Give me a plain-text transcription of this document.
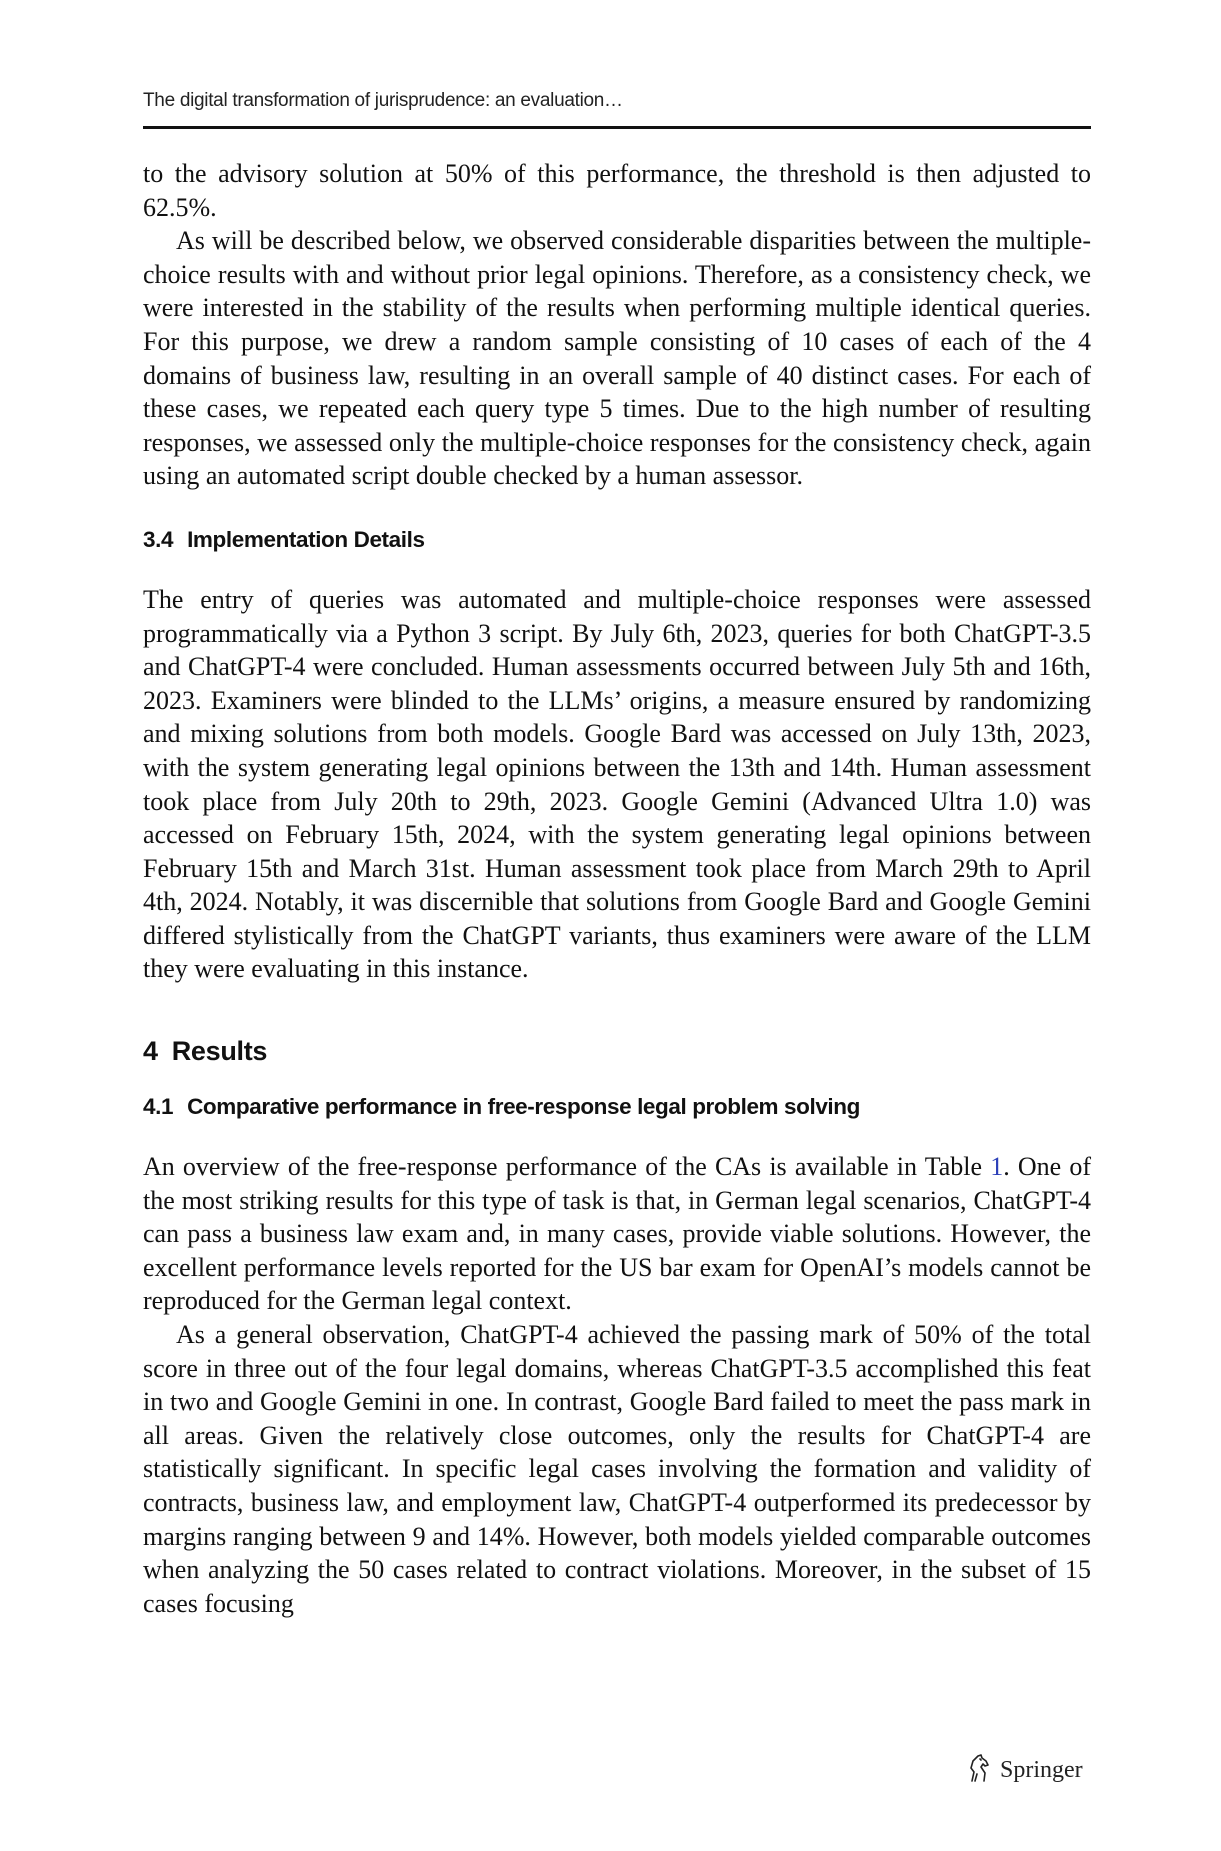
The digital transformation of jurisprudence: an evaluation…

to the advisory solution at 50% of this performance, the threshold is then adjusted to 62.5%.

As will be described below, we observed considerable disparities between the multiple-choice results with and without prior legal opinions. Therefore, as a consistency check, we were interested in the stability of the results when performing multiple identical queries. For this purpose, we drew a random sample consisting of 10 cases of each of the 4 domains of business law, resulting in an overall sample of 40 distinct cases. For each of these cases, we repeated each query type 5 times. Due to the high number of resulting responses, we assessed only the multiple-choice responses for the consistency check, again using an automated script double checked by a human assessor.

3.4 Implementation Details

The entry of queries was automated and multiple-choice responses were assessed programmatically via a Python 3 script. By July 6th, 2023, queries for both ChatGPT-3.5 and ChatGPT-4 were concluded. Human assessments occurred between July 5th and 16th, 2023. Examiners were blinded to the LLMs’ origins, a measure ensured by randomizing and mixing solutions from both models. Google Bard was accessed on July 13th, 2023, with the system generating legal opinions between the 13th and 14th. Human assessment took place from July 20th to 29th, 2023. Google Gemini (Advanced Ultra 1.0) was accessed on February 15th, 2024, with the system generating legal opinions between February 15th and March 31st. Human assessment took place from March 29th to April 4th, 2024. Notably, it was discernible that solutions from Google Bard and Google Gemini differed stylistically from the ChatGPT variants, thus examiners were aware of the LLM they were evaluating in this instance.

4 Results
4.1 Comparative performance in free-response legal problem solving

An overview of the free-response performance of the CAs is available in Table 1. One of the most striking results for this type of task is that, in German legal scenarios, ChatGPT-4 can pass a business law exam and, in many cases, provide viable solutions. However, the excellent performance levels reported for the US bar exam for OpenAI’s models cannot be reproduced for the German legal context.

As a general observation, ChatGPT-4 achieved the passing mark of 50% of the total score in three out of the four legal domains, whereas ChatGPT-3.5 accomplished this feat in two and Google Gemini in one. In contrast, Google Bard failed to meet the pass mark in all areas. Given the relatively close outcomes, only the results for ChatGPT-4 are statistically significant. In specific legal cases involving the formation and validity of contracts, business law, and employment law, ChatGPT-4 outperformed its predecessor by margins ranging between 9 and 14%. However, both models yielded comparable outcomes when analyzing the 50 cases related to contract violations. Moreover, in the subset of 15 cases focusing

Springer
